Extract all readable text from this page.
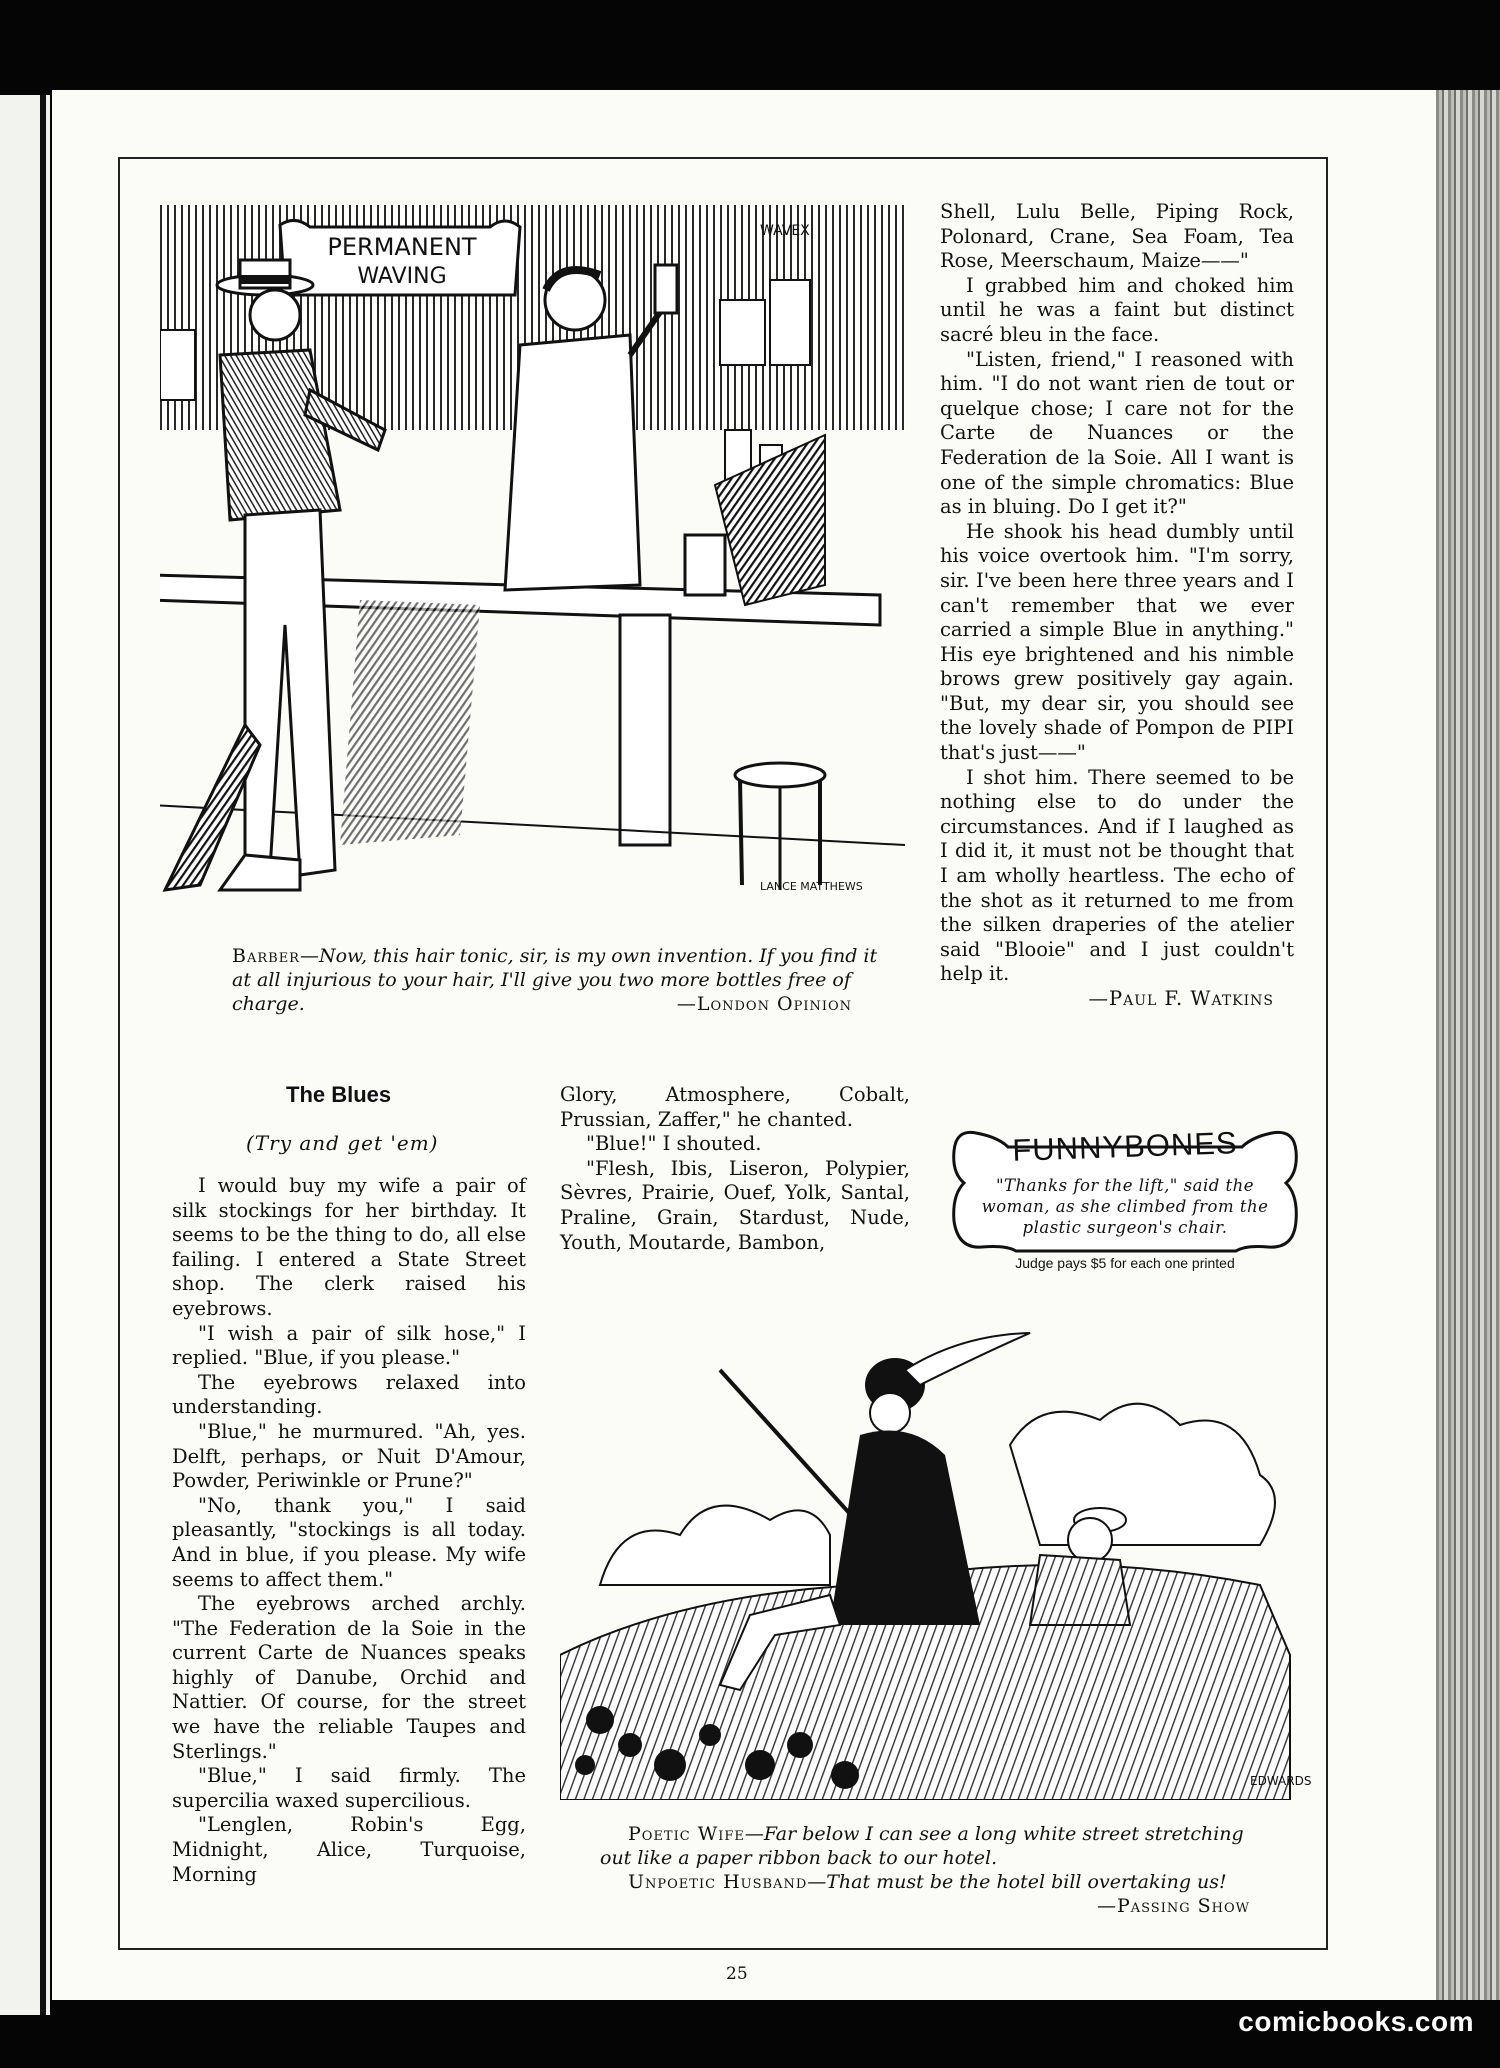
PERMANENT
WAVING
WAVEX
LANCE MATTHEWS
Barber—Now, this hair tonic, sir, is my own invention. If you find it at all injurious to your hair, I'll give you two more bottles free of charge.	—London Opinion

Shell, Lulu Belle, Piping Rock, Polonard, Crane, Sea Foam, Tea Rose, Meerschaum, Maize——"

I grabbed him and choked him until he was a faint but distinct sacré bleu in the face.

"Listen, friend," I reasoned with him. "I do not want rien de tout or quelque chose; I care not for the Carte de Nuances or the Federation de la Soie. All I want is one of the simple chromatics: Blue as in bluing. Do I get it?"

He shook his head dumbly until his voice overtook him. "I'm sorry, sir. I've been here three years and I can't remember that we ever carried a simple Blue in anything." His eye brightened and his nimble brows grew positively gay again. "But, my dear sir, you should see the lovely shade of Pompon de PIPI that's just——"

I shot him. There seemed to be nothing else to do under the circumstances. And if I laughed as I did it, it must not be thought that I am wholly heartless. The echo of the shot as it returned to me from the silken draperies of the atelier said "Blooie" and I just couldn't help it.

—Paul F. Watkins

The Blues
(Try and get 'em)

I would buy my wife a pair of silk stockings for her birthday. It seems to be the thing to do, all else failing. I entered a State Street shop. The clerk raised his eyebrows.

"I wish a pair of silk hose," I replied. "Blue, if you please."

The eyebrows relaxed into understanding.

"Blue," he murmured. "Ah, yes. Delft, perhaps, or Nuit D'Amour, Powder, Periwinkle or Prune?"

"No, thank you," I said pleasantly, "stockings is all today. And in blue, if you please. My wife seems to affect them."

The eyebrows arched archly. "The Federation de la Soie in the current Carte de Nuances speaks highly of Danube, Orchid and Nattier. Of course, for the street we have the reliable Taupes and Sterlings."

"Blue," I said firmly. The supercilia waxed supercilious.

"Lenglen, Robin's Egg, Midnight, Alice, Turquoise, Morning

Glory, Atmosphere, Cobalt, Prussian, Zaffer," he chanted.

"Blue!" I shouted.

"Flesh, Ibis, Liseron, Polypier, Sèvres, Prairie, Ouef, Yolk, Santal, Praline, Grain, Stardust, Nude, Youth, Moutarde, Bambon,

FUNNYBONES
"Thanks for the lift," said the woman, as she climbed from the plastic surgeon's chair.
Judge pays $5 for each one printed
EDWARDS
Poetic Wife—Far below I can see a long white street stretching out like a paper ribbon back to our hotel.
Unpoetic Husband—That must be the hotel bill overtaking us!
—Passing Show
25
comicbooks.com
